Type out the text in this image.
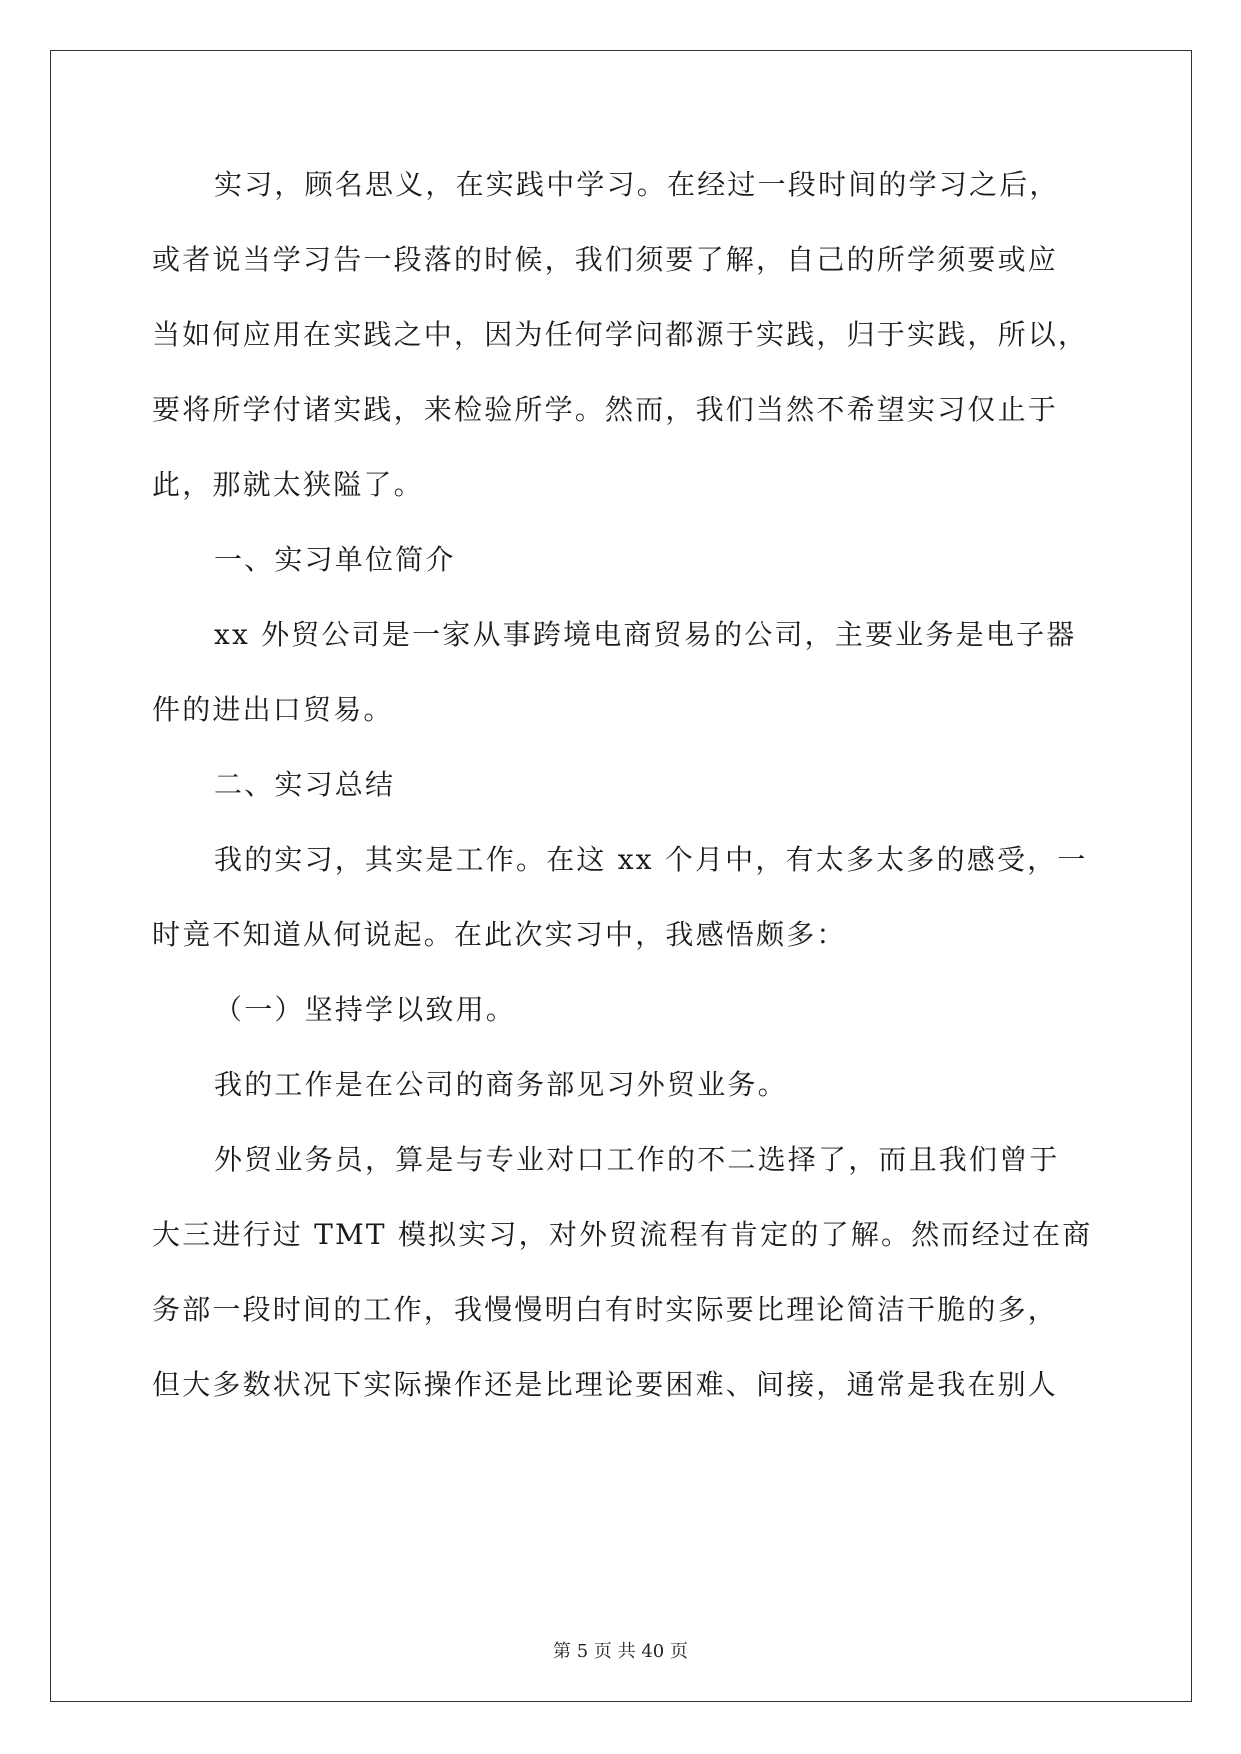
实习，顾名思义，在实践中学习。在经过一段时间的学习之后，
或者说当学习告一段落的时候，我们须要了解，自己的所学须要或应
当如何应用在实践之中，因为任何学问都源于实践，归于实践，所以，
要将所学付诸实践，来检验所学。然而，我们当然不希望实习仅止于
此，那就太狭隘了。
一、实习单位简介
xx 外贸公司是一家从事跨境电商贸易的公司，主要业务是电子器
件的进出口贸易。
二、实习总结
我的实习，其实是工作。在这 xx 个月中，有太多太多的感受，一
时竟不知道从何说起。在此次实习中，我感悟颇多：
（一）坚持学以致用。
我的工作是在公司的商务部见习外贸业务。
外贸业务员，算是与专业对口工作的不二选择了，而且我们曾于
大三进行过 TMT 模拟实习，对外贸流程有肯定的了解。然而经过在商
务部一段时间的工作，我慢慢明白有时实际要比理论简洁干脆的多，
但大多数状况下实际操作还是比理论要困难、间接，通常是我在别人
第 5 页 共 40 页
